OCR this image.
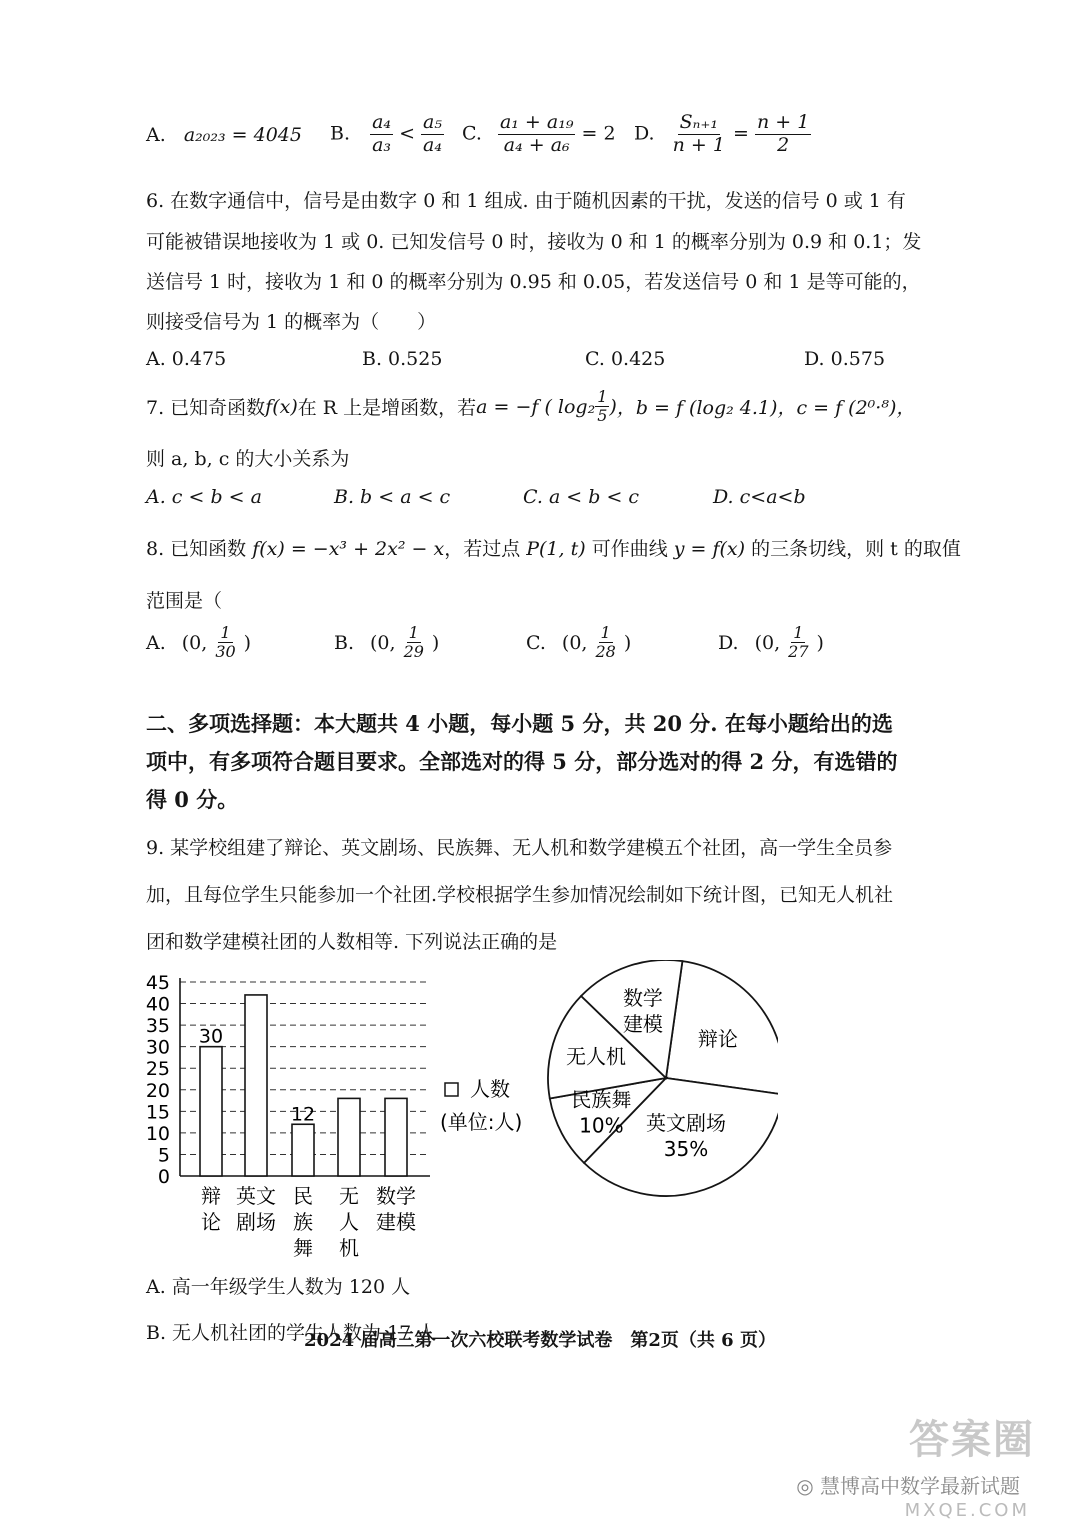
A. a₂₀₂₃ = 4045 B. $\frac{\text{a₄}}{\text{a₃}} < \frac{\text{a₅}}{\text{a₄}} C$. $\frac{\text{a₁ + a₁₉}}{\text{a₄ + a₆}} = 2$ D. $\frac{\text{Sₙ₊₁}}{n + 1} = \frac{n + 1}{2}$
6. 在数字通信中，信号是由数字 0 和 1 组成. 由于随机因素的干扰，发送的信号 0 或 1 有
可能被错误地接收为 1 或 0. 已知发信号 0 时，接收为 0 和 1 的概率分别为 0.9 和 0.1；发
送信号 1 时，接收为 1 和 0 的概率分别为 0.95 和 0.05，若发送信号 0 和 1 是等可能的，
则接受信号为 1 的概率为（　　）
A. 0.475	B. 0.525	C. 0.425	D. 0.575
7. 已知奇函数 f(x) 在 R 上是增函数，若 a = −f ( $\log_2 \frac{1}{5}$ ) ，b = f (log₂ 4.1)， c = f (2⁰·⁸)，
则 a, b, c 的大小关系为
A. c < b < a	B. b < a < c	C. a < b < c	D. c<a<b
8. 已知函数 f(x) = −x³ + 2x² − x，若过点 P(1, t) 可作曲线 y = f(x) 的三条切线，则 t 的取值
范围是（
A. (0, $\frac{1}{30}$ )	B. (0, $\frac{1}{29}$ )	C. (0, $\frac{1}{28}$ )	D. (0, $\frac{1}{27}$ )
二、多项选择题：本大题共 4 小题，每小题 5 分，共 20 分. 在每小题给出的选
项中，有多项符合题目要求。全部选对的得 5 分，部分选对的得 2 分，有选错的
得 0 分。
9. 某学校组建了辩论、英文剧场、民族舞、无人机和数学建模五个社团，高一学生全员参
加，且每位学生只能参加一个社团.学校根据学生参加情况绘制如下统计图，已知无人机社
团和数学建模社团的人数相等. 下列说法正确的是
0
5
10
15
20
25
30
35
40
45
30
12
辩
论
英文
剧场
民
族
舞
无
人
机
数学
建模
人数
(单位:人)
辩论
英文剧场
35%
民族舞
10%
无人机
数学
建模
A. 高一年级学生人数为 120 人
B. 无人机社团的学生人数为 17 人
2024 届高三第一次六校联考数学试卷　第2页（共 6 页）
答案圈
◎ 慧博高中数学最新试题
MXQE.COM
